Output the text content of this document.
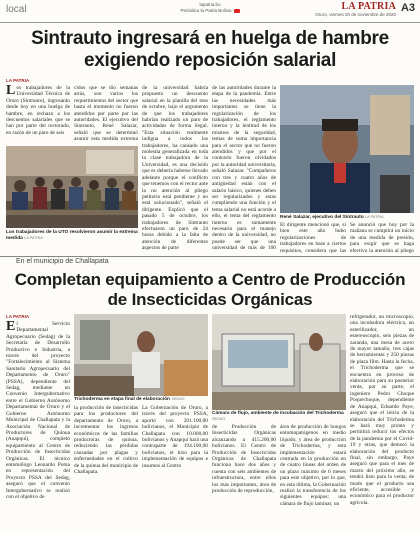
local	lapatria.bo
Periódico la Patria Bolivia	LA PATRIA
Oruro, viernes 20 de noviembre de 2020
A3
Sintrauto ingresará en huelga de hambre exigiendo reposición salarial
LA PATRIA
Los trabajadores de la Universidad Técnica de Oruro (Sintrauto), ingresarán desde hoy en una huelga de hambre, en rechazo a los descuentos salariales que se han por parte del rectorado, en razón de un paro de seis
cidos que se dio semanas atrás, son varios los requerimientos del sector que hasta el momento no fueron atendidos por parte por las autoridades. El ejecutivo del Sintrauto, René Salazar, señaló que se determinó asumir esta medida extrema
de la universidad habría propuesto un descuento salarial en la planilla del mes de octubre, bajo el argumento de que los trabajadores habrían realizado un paro de actividades de forma ilegal. "Esta situación realmente indigna a todos los trabajadores, ha causado una molestia generalizada en toda la clase trabajadora de la Universidad, es una decisión que es debería haberse llevado adelante porque el conflicto que tenemos con el rector ante la no atención al pliego petitorio está pendiente y no está solucionado", señaló el dirigente. Explicó que el pasado 5 de octubre, los trabajadores de Sintrauto efectuaron un paro de 24 horas debido a la falta de atención de diferentes aspectos de parte
de las autoridades durante la etapa de la pandemia. Entre las necesidades más importantes se tiene la regularización de los trabajadores, el reglamento interno y la lentitud de los mismos de la seguridad, temas de suma importancia para el sector que no fueron atendidos y que por el contrario fueron olvidados por la autoridad universitaria, señaló Salazar. "Compañeros con tres y cuatro años de antigüedad están con el salario básico, quienes deben ser regularizados y estas cumpliendo una función y el tema salarial no está acorde a ello, el tema del reglamento interno es sumamente necesario para el manejo dentro de la universidad, no puede ser que una universidad de más de 100
Los trabajadores de la UTO resolvieron asumir la extrema medida LA PATRIA
René Salazar, ejecutivo del Sintrauto LA PATRIA
El dirigente mencionó que, si bien este año hubo regularizaciones de trabajadores en base a ciertos requisitos, considera que las
Se anunció que hoy por la mañana se cumplirá un inicio de una medida de presión, para exigir que se haga efectivo la atención al pliego
En el municipio de Challapata
Completan equipamiento a Centro de Producción de Insecticidas Orgánicas
LA PATRIA
El Servicio Departamental Agropecuario (Sedag) de la Secretaría de Desarrollo Productivo e Industria, a través del proyecto "Fortalecimiento al Sistema Sanitario Agropecuario del Departamento de Oruro" (PSSA), dependiente del Sedag, mediante un Convenio Intergubernativo entre el Gobierno Autónomo Departamental de Oruro y el Gobierno Autónomo Municipal de Challapata y la Asociación Nacional de Productores de Quinua (Anapqui), completó equipamiento al Centro de Producción de Insecticidas Orgánicas. El técnico entomólogo Leonardo Poma en representación del Proyecto PSSA del Sedag, aseguró que el convenio Intergubernativo se realizó con el objetivo de
Trichoderma en etapa final de elaboración SEDAG
la producción de insecticidas para los productores del departamento de Oruro, a incrementar los ingresos económicos de las familias productoras de quinua, reduciendo las pérdidas causadas por plagas y enfermedades en el cultivo de la quinua del municipio de Challapata.
La Gobernación de Oruro, a través del proyecto PSSA, aportó con 201.100,00 bolivianos, el Municipio de Challapata con 10.000,00 bolivianos y Anapqui hará una contraparte de 194.100,00 bolivianos, el hizo para la implementación de equipos e insumos al Centro
Cámara de flujo, ambiente de incubación del Trichoderma SEDAG
de Producción de Insecticidas Orgánicas alcanzando a 415.200,00 bolivianos. El Centro de Producción de Insecticidas Orgánicas de Challapata funciona hace dos años y cuenta con seis ambientes de infraestructura, entre ellos los más importantes, área de producción de reproducción,
área de producción de hongos entomopatógenos en medio líquido, y área de producción de Trichoderma, y esta implementación estará centrada en la producción en de cuatro líneas del orden de un plazo máximo de 6 meses para este objetivo, por lo que, en esta última, la Gobernación realizó la transferencia de los siguientes equipos: una cámara de flujo laminar, un
refrigerador, un microscopio, una incubadora eléctrica, un esterilizador, un estereoscopio, seis piezas de zaranda, una mesa de acero de mayor tamaño, tres cajas de herramientas y 250 piezas de plaza film. Hasta la fecha, el Trichoderma que se encuentra en proceso de elaboración para su posterior venta, por su parte, el ingeniero Pedro Choque Poquechoque, dependiente de Anapqui, Eduardo Paye, aseguró que el inicio de la elaboración del Trichoderma se hará muy pronto y permitirá reducir los efectos de la pandemia por el Covid-19 y otras, que demoró la elaboración del producto final, sin embargo, Paye aseguró que para el mes de marzo del próximo año, se tendrá listo para la venta, de modo que el producto sea eficiente, accesible y económico para el productor agrícola.
